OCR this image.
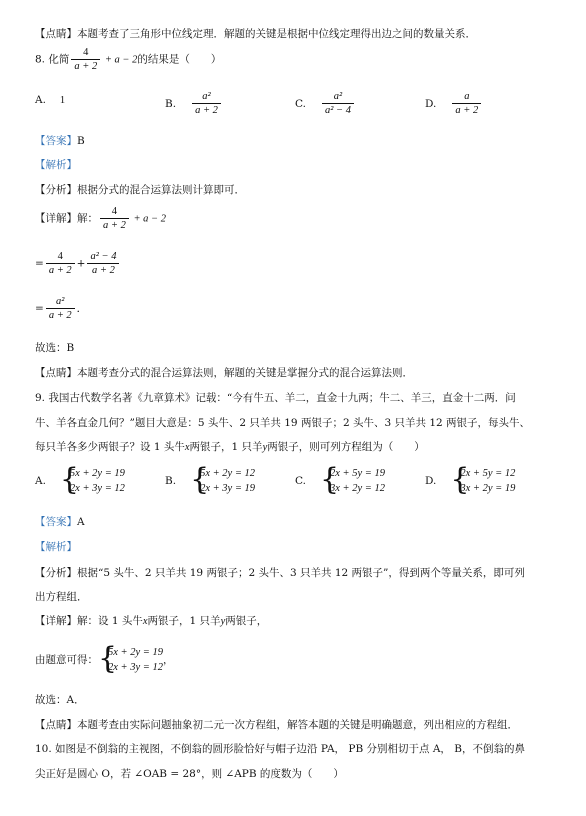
【点睛】本题考查了三角形中位线定理．解题的关键是根据中位线定理得出边之间的数量关系．
8. 化简 $\frac{4}{a + 2} + a - 2$的结果是（　　）
A. 1	B. $\frac{\text{a²}}{a + 2}$	C. $\frac{\text{a²}}{\text{a² − 4}}$	D. $\frac{a}{a + 2}$
【答案】B
【解析】
【分析】根据分式的混合运算法则计算即可．
【详解】解： $\frac{4}{a + 2} + a - 2$
= $\frac{4}{a + 2} + \frac{\text{a² − 4}}{a + 2}$
= $\frac{\text{a²}}{a + 2}$ ．
故选：B
【点睛】本题考查分式的混合运算法则，解题的关键是掌握分式的混合运算法则．
9. 我国古代数学名著《九章算术》记载：“今有牛五、羊二，直金十九两；牛二、羊三，直金十二两．问
牛、羊各直金几何？”题目大意是：5 头牛、2 只羊共 19 两银子；2 头牛、3 只羊共 12 两银子，每头牛、
每只羊各多少两银子？设 1 头牛x两银子，1 只羊y两银子，则可列方程组为（　　）
A. {
5x + 2y = 19
2x + 3y = 12
B. {
5x + 2y = 12
2x + 3y = 19
C. {
2x + 5y = 19
3x + 2y = 12
D. {
2x + 5y = 12
3x + 2y = 19
【答案】A
【解析】
【分析】根据“5 头牛、2 只羊共 19 两银子；2 头牛、3 只羊共 12 两银子”，得到两个等量关系，即可列
出方程组．
【详解】解：设 1 头牛x两银子，1 只羊y两银子，
由题意可得： {
5x + 2y = 19
2x + 3y = 12
，
故选：A．
【点睛】本题考查由实际问题抽象初二元一次方程组，解答本题的关键是明确题意，列出相应的方程组．
10. 如图是不倒翁的主视图，不倒翁的圆形脸恰好与帽子边沿 PA， PB 分别相切于点 A， B，不倒翁的鼻
尖正好是圆心 O，若 ∠OAB = 28°，则 ∠APB 的度数为（　　）
